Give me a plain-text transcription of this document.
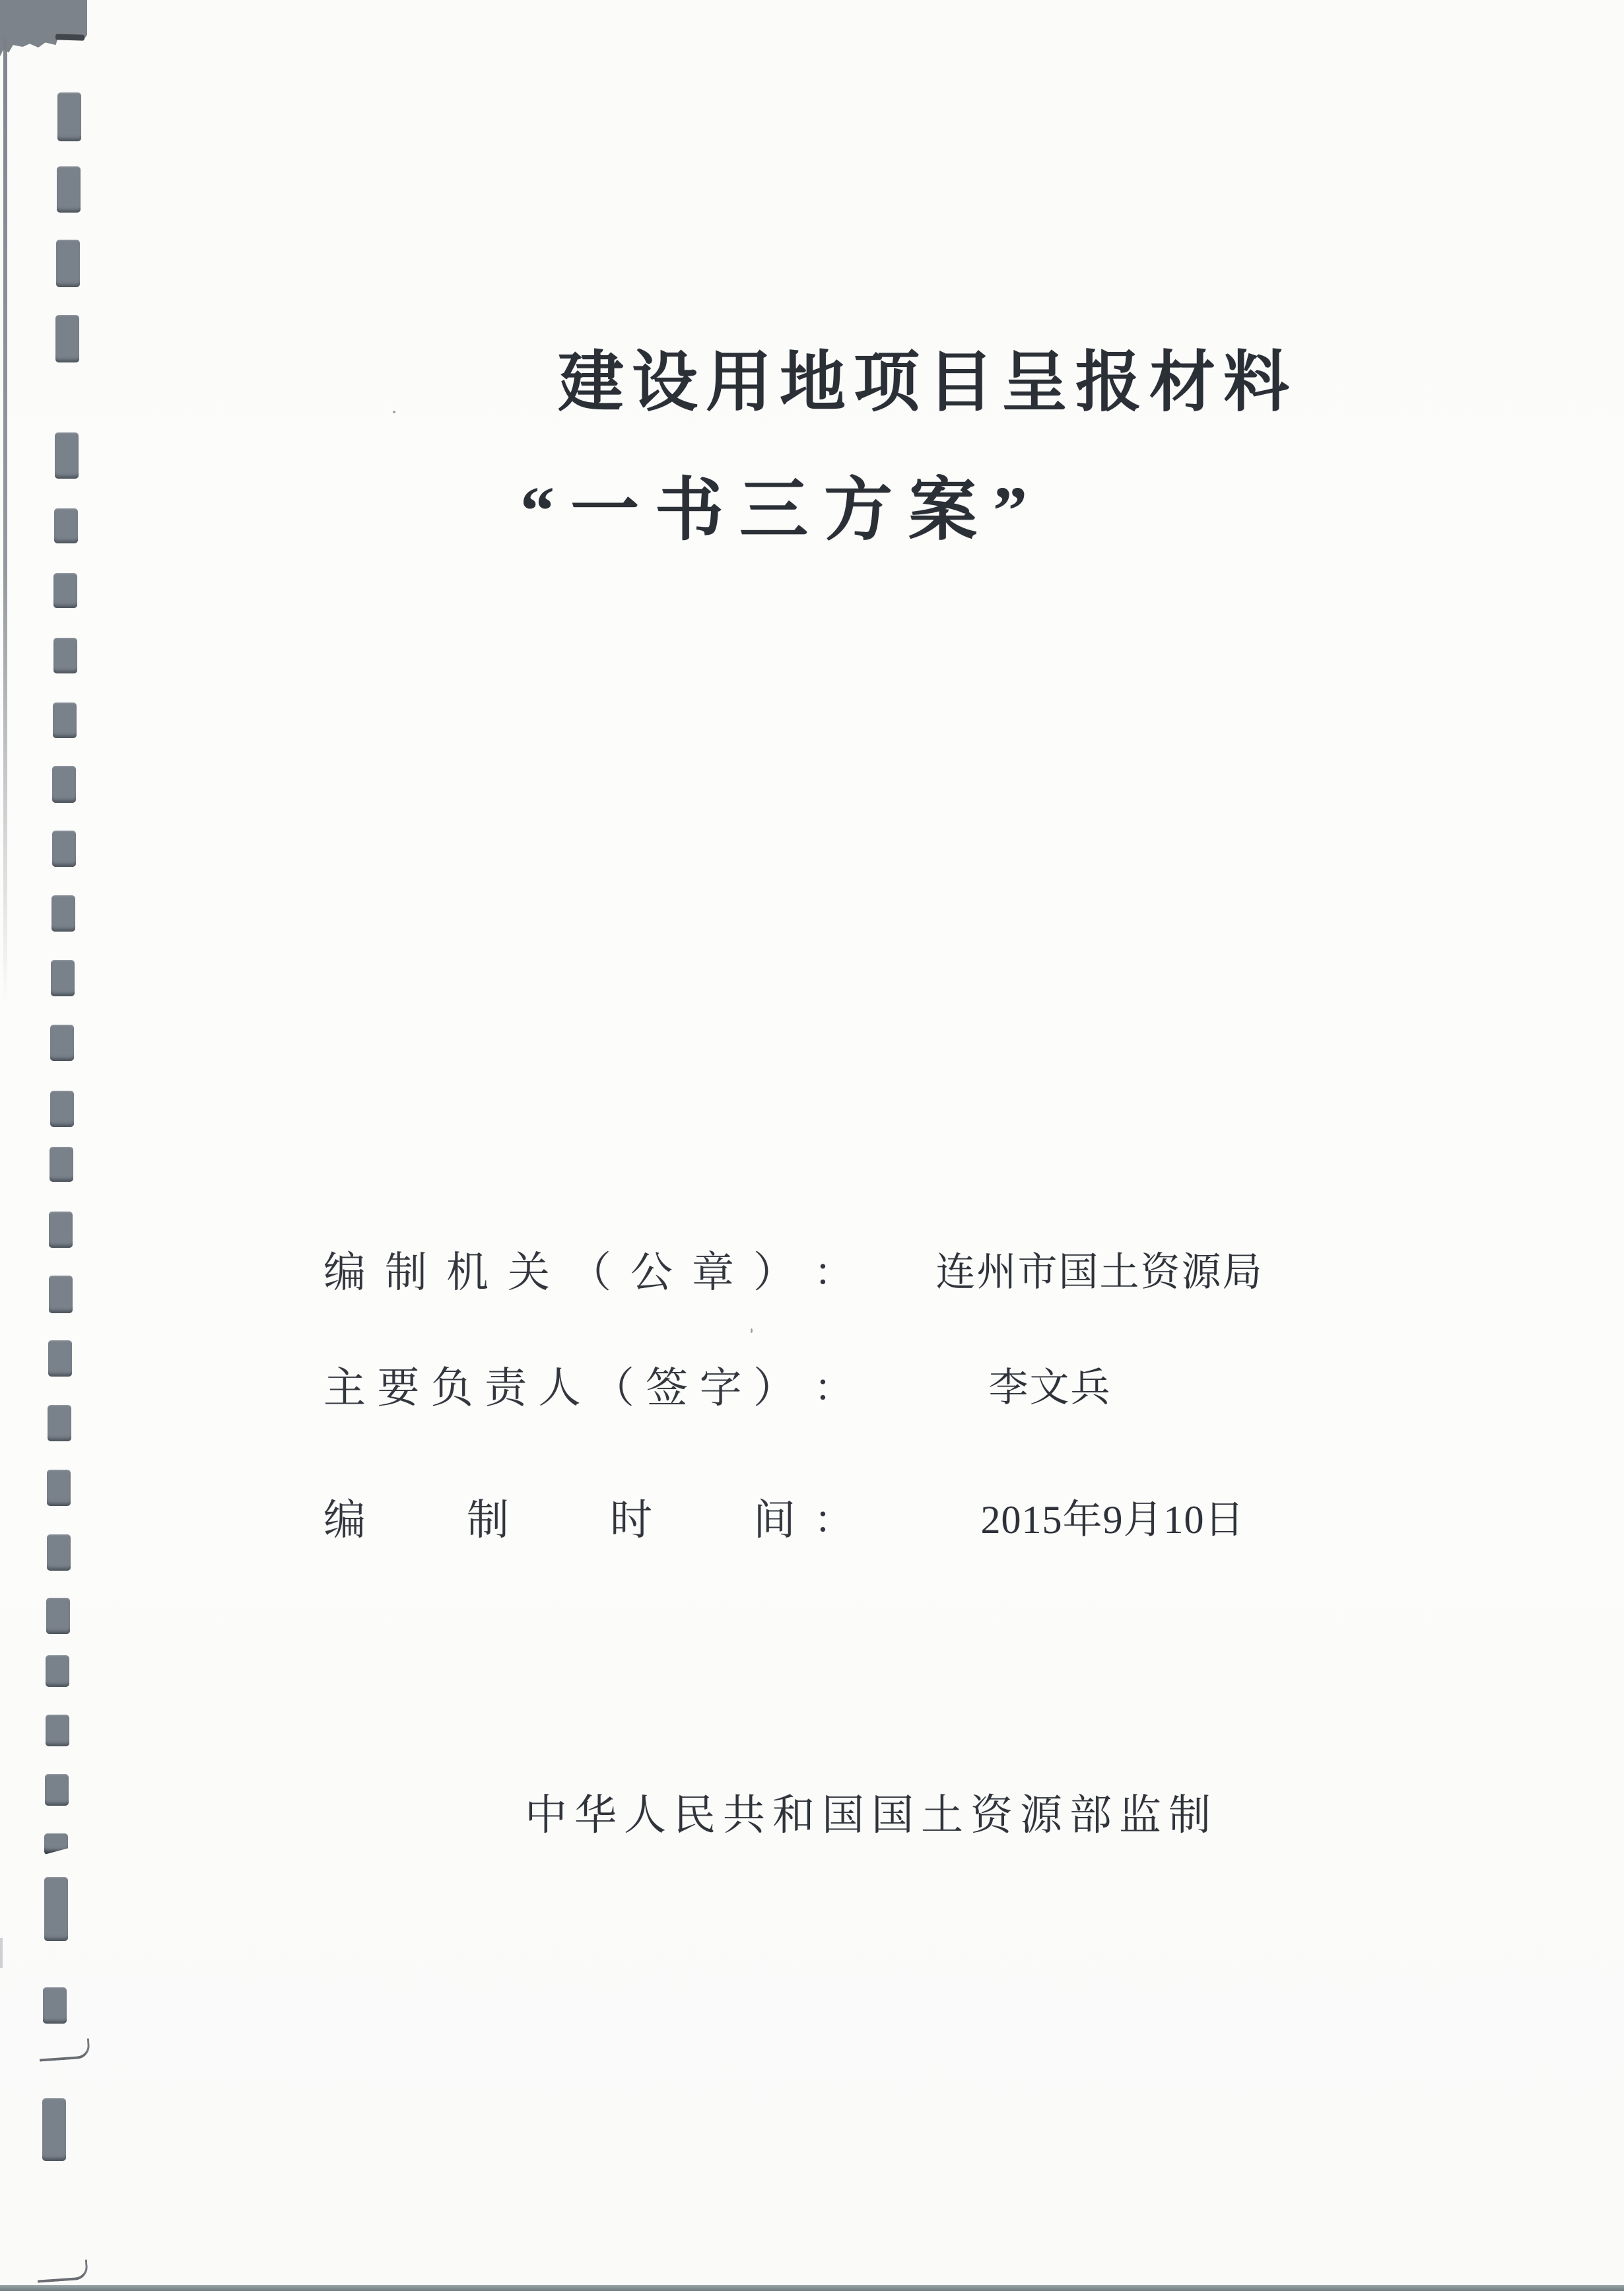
建设用地项目呈报材料
“一书三方案”
编制机关（公章） ：	连州市国土资源局
主要负责人（签字） ：	李文兵
编制时间 ：	2015年9月10日
中华人民共和国国土资源部监制
